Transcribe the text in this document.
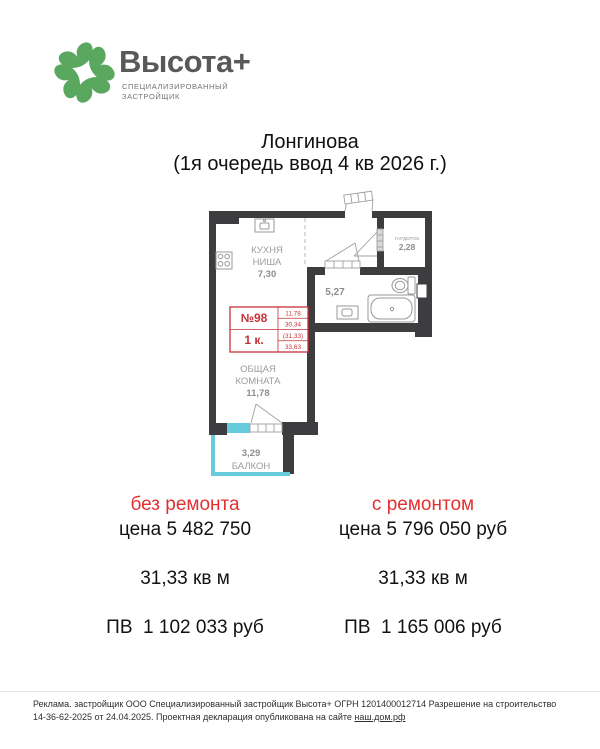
Высота+
СПЕЦИАЛИЗИРОВАННЫЙ
ЗАСТРОЙЩИК
Лонгинова
(1я очередь ввод 4 кв 2026 г.)
КУХНЯ
НИША
7,30
ГАРДЕРОБ
2,28
5,27
ОБЩАЯ
КОМНАТА
11,78
3,29
БАЛКОН
№98
1 к.
11,78
30,34
(31,33)
33,63
без ремонта
цена 5 482 750
31,33 кв м
ПВ  1 102 033 руб
с ремонтом
цена 5 796 050 руб
31,33 кв м
ПВ  1 165 006 руб
Реклама. застройщик ООО Специализированный застройщик Высота+ ОГРН 1201400012714 Разрешение на строительство
14-36-62-2025 от 24.04.2025. Проектная декларация опубликована на сайте наш.дом.рф
